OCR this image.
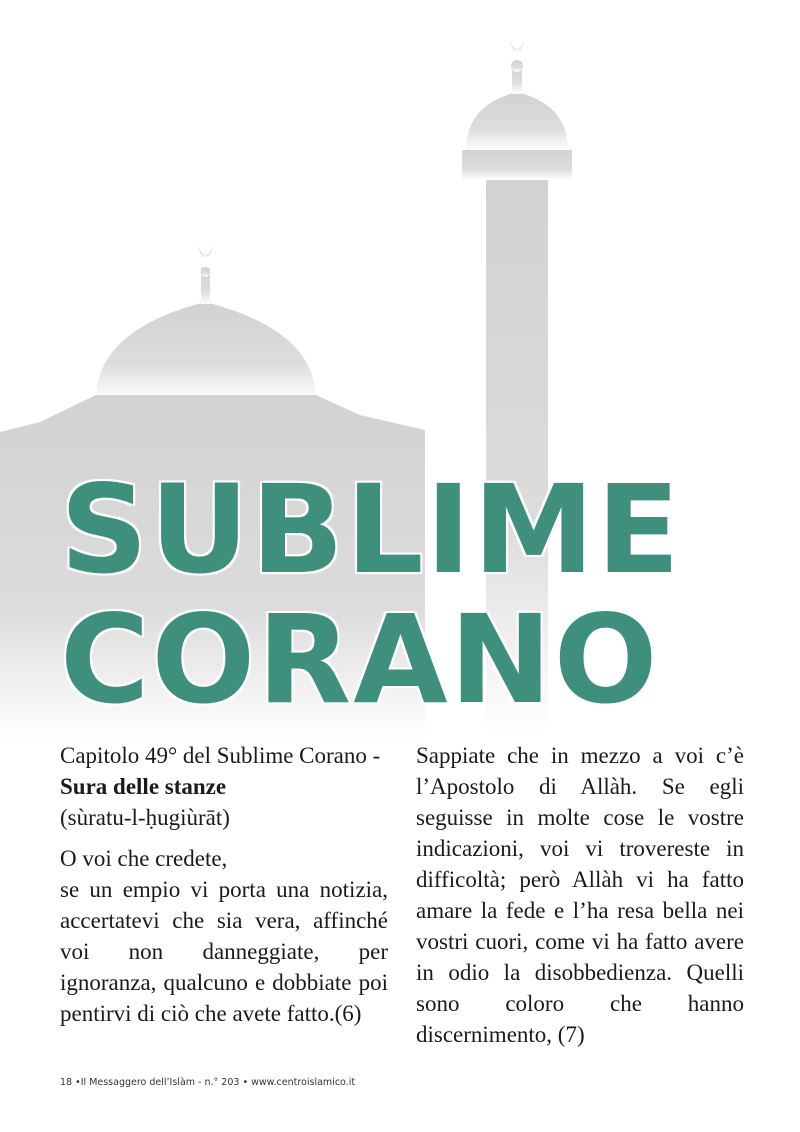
SUBLIME
CORANO

Capitolo 49° del Sublime Corano - Sura delle stanze
(sùratu-l-ḥugiùrāt)

O voi che credete,

se un empio vi porta una notizia, accertatevi che sia vera, affinché voi non danneggiate, per ignoranza, qualcuno e dobbiate poi pentirvi di ciò che avete fatto.(6)

Sappiate che in mezzo a voi c’è l’Apostolo di Allàh. Se egli seguisse in molte cose le vostre indicazioni, voi vi trovereste in difficoltà; però Allàh vi ha fatto amare la fede e l’ha resa bella nei vostri cuori, come vi ha fatto avere in odio la disobbedienza. Quelli sono coloro che hanno discernimento, (7)

18 •Il Messaggero dell’Islàm - n.° 203 • www.centroislamico.it
